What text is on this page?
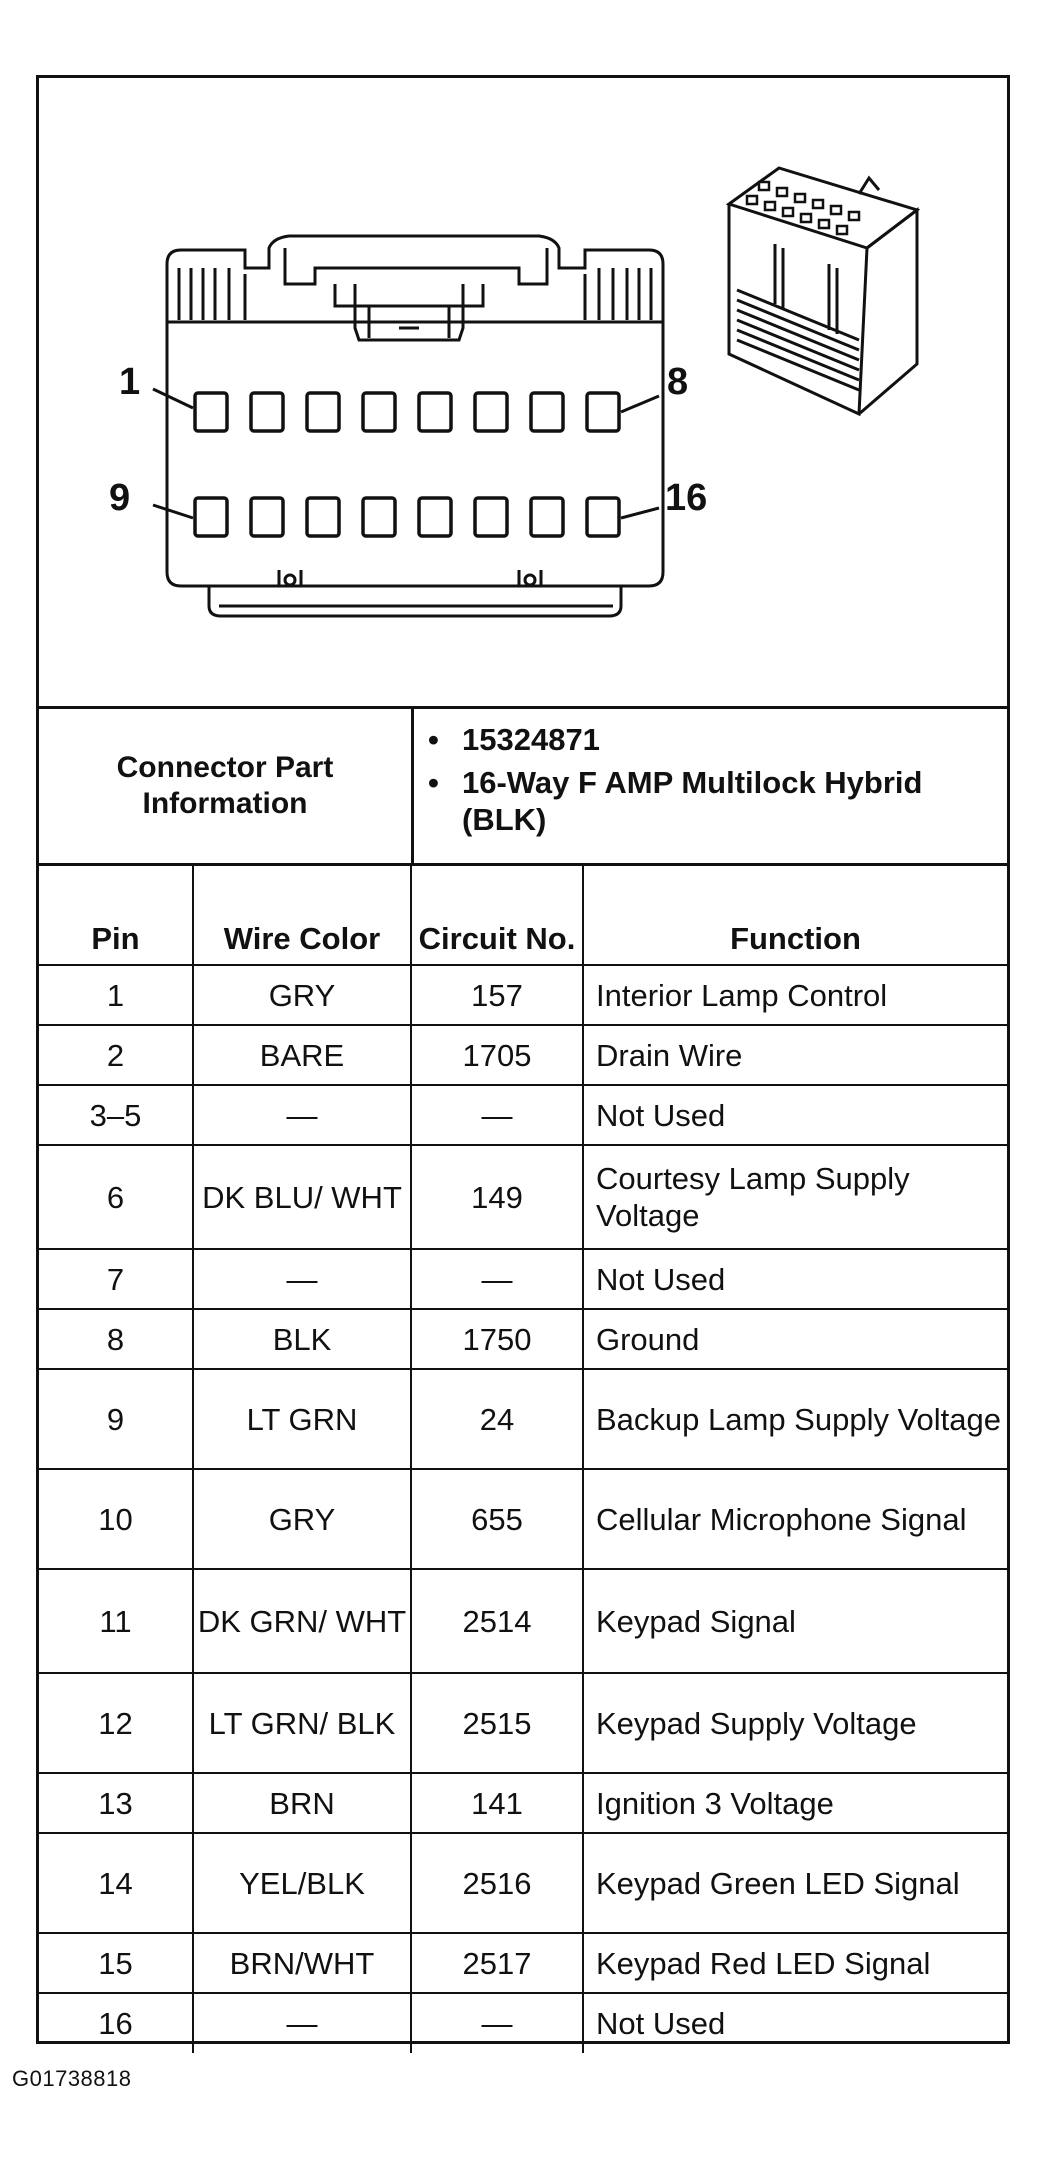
1	8
9	16
Connector Part Information
• 15324871
• 16-Way F AMP Multilock Hybrid (BLK)
Pin	Wire Color	Circuit No.	Function
1	GRY	157	Interior Lamp Control
2	BARE	1705	Drain Wire
3–5	—	—	Not Used
6	DK BLU/ WHT	149	Courtesy Lamp Supply Voltage
7	—	—	Not Used
8	BLK	1750	Ground
9	LT GRN	24	Backup Lamp Supply Voltage
10	GRY	655	Cellular Microphone Signal
11	DK GRN/ WHT	2514	Keypad Signal
12	LT GRN/ BLK	2515	Keypad Supply Voltage
13	BRN	141	Ignition 3 Voltage
14	YEL/BLK	2516	Keypad Green LED Signal
15	BRN/WHT	2517	Keypad Red LED Signal
16	—	—	Not Used
G01738818
